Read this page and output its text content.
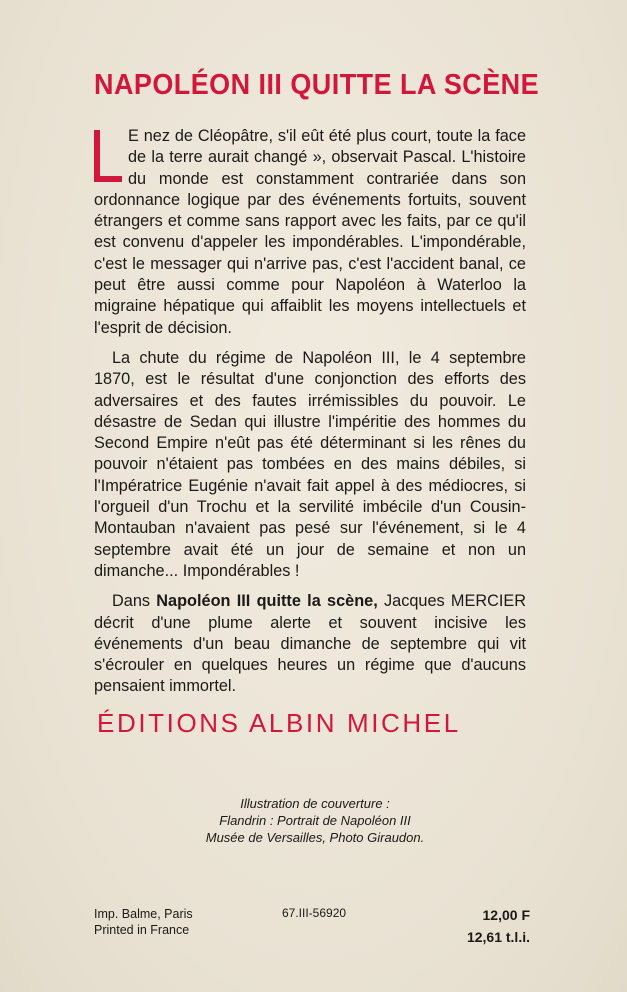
NAPOLÉON III QUITTE LA SCÈNE

E nez de Cléopâtre, s'il eût été plus court, toute la face de la terre aurait changé », observait Pascal. L'histoire du monde est constamment contrariée dans son ordonnance logique par des événements fortuits, souvent étrangers et comme sans rapport avec les faits, par ce qu'il est convenu d'appeler les impondérables. L'impondérable, c'est le messager qui n'arrive pas, c'est l'accident banal, ce peut être aussi comme pour Napoléon à Waterloo la migraine hépatique qui affaiblit les moyens intellectuels et l'esprit de décision.

La chute du régime de Napoléon III, le 4 septembre 1870, est le résultat d'une conjonction des efforts des adversaires et des fautes irrémissibles du pouvoir. Le désastre de Sedan qui illustre l'impéritie des hommes du Second Empire n'eût pas été déterminant si les rênes du pouvoir n'étaient pas tombées en des mains débiles, si l'Impératrice Eugénie n'avait fait appel à des médiocres, si l'orgueil d'un Trochu et la servilité imbécile d'un Cousin-Montauban n'avaient pas pesé sur l'événement, si le 4 septembre avait été un jour de semaine et non un dimanche... Impondérables !

Dans Napoléon III quitte la scène, Jacques MERCIER décrit d'une plume alerte et souvent incisive les événements d'un beau dimanche de septembre qui vit s'écrouler en quelques heures un régime que d'aucuns pensaient immortel.

ÉDITIONS ALBIN MICHEL
Illustration de couverture :
Flandrin : Portrait de Napoléon III
Musée de Versailles, Photo Giraudon.
Imp. Balme, Paris
Printed in France
67.III-56920	12,00 F
12,61 t.l.i.
